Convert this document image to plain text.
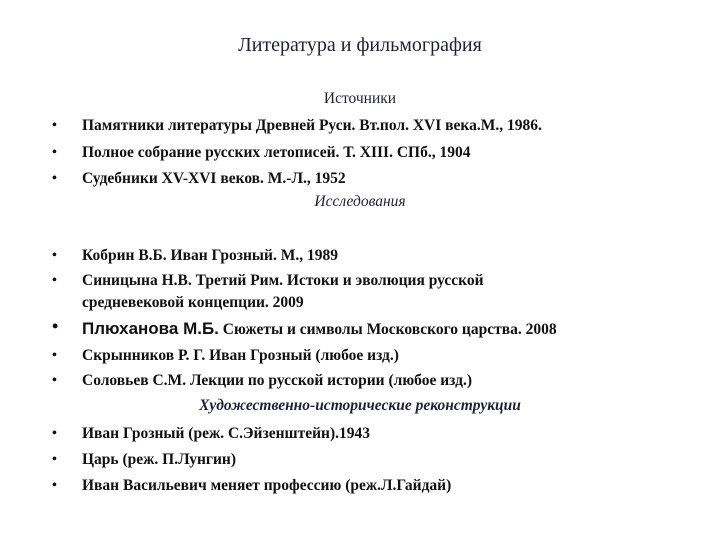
Литература и фильмография
Источники
•	Памятники литературы Древней Руси. Вт.пол. XVI века.М., 1986.
•	Полное собрание русских летописей. Т. XIII. СПб., 1904
•	Судебники XV-XVI веков. М.-Л., 1952
Исследования
•	Кобрин В.Б. Иван Грозный. М., 1989
•	Синицына Н.В. Третий Рим. Истоки и эволюция русской
средневековой концепции. 2009
•	Плюханова М.Б. Сюжеты и символы Московского царства. 2008
•	Скрынников Р. Г. Иван Грозный (любое изд.)
•	Соловьев С.М. Лекции по русской истории (любое изд.)
Художественно-исторические реконструкции
•	Иван Грозный (реж. С.Эйзенштейн).1943
•	Царь (реж. П.Лунгин)
•	Иван Васильевич меняет профессию (реж.Л.Гайдай)
